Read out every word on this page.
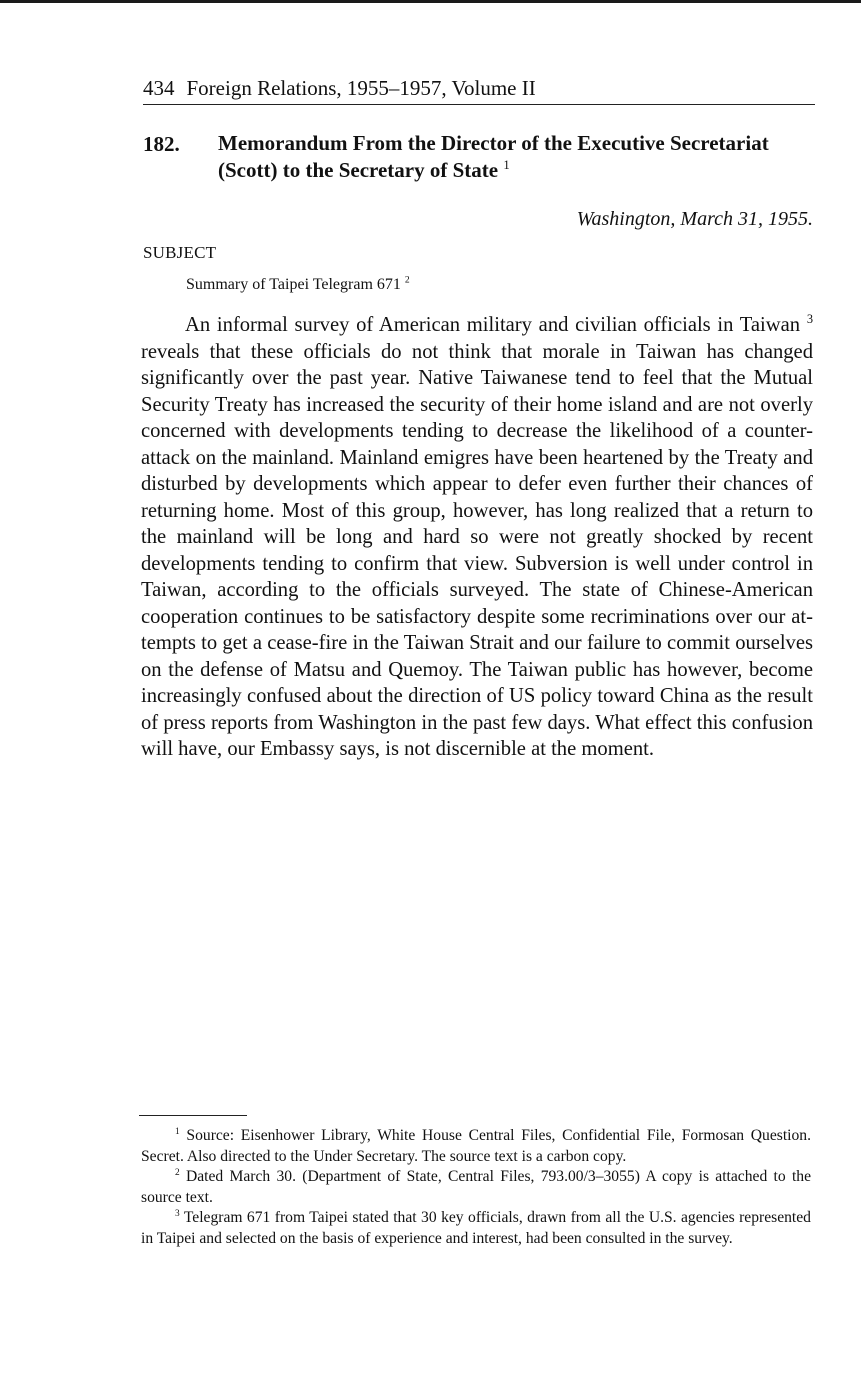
434 Foreign Relations, 1955–1957, Volume II
182. Memorandum From the Director of the Executive Secretariat (Scott) to the Secretary of State $^1$
Washington, March 31, 1955.
SUBJECT
Summary of Taipei Telegram 671 $^2$

An informal survey of American military and civilian officials in Taiwan $^3$ reveals that these officials do not think that morale in Taiwan has changed significantly over the past year. Native Taiwanese tend to feel that the Mutual Security Treaty has increased the security of their home island and are not overly concerned with developments tending to decrease the likelihood of a counter-attack on the mainland. Mainland emigres have been heartened by the Treaty and disturbed by developments which appear to defer even further their chances of returning home. Most of this group, however, has long realized that a return to the mainland will be long and hard so were not greatly shocked by recent developments tending to confirm that view. Subversion is well under control in Taiwan, according to the officials surveyed. The state of Chinese-American cooperation continues to be satisfactory despite some recriminations over our attempts to get a cease-fire in the Taiwan Strait and our failure to commit ourselves on the defense of Matsu and Quemoy. The Taiwan public has however, become increasingly confused about the direction of US policy toward China as the result of press reports from Washington in the past few days. What effect this confusion will have, our Embassy says, is not discernible at the moment.

$^1$ Source: Eisenhower Library, White House Central Files, Confidential File, Formosan Question. Secret. Also directed to the Under Secretary. The source text is a carbon copy.

$^2$ Dated March 30. (Department of State, Central Files, 793.00/3–3055) A copy is attached to the source text.

$^3$ Telegram 671 from Taipei stated that 30 key officials, drawn from all the U.S. agencies represented in Taipei and selected on the basis of experience and interest, had been consulted in the survey.
